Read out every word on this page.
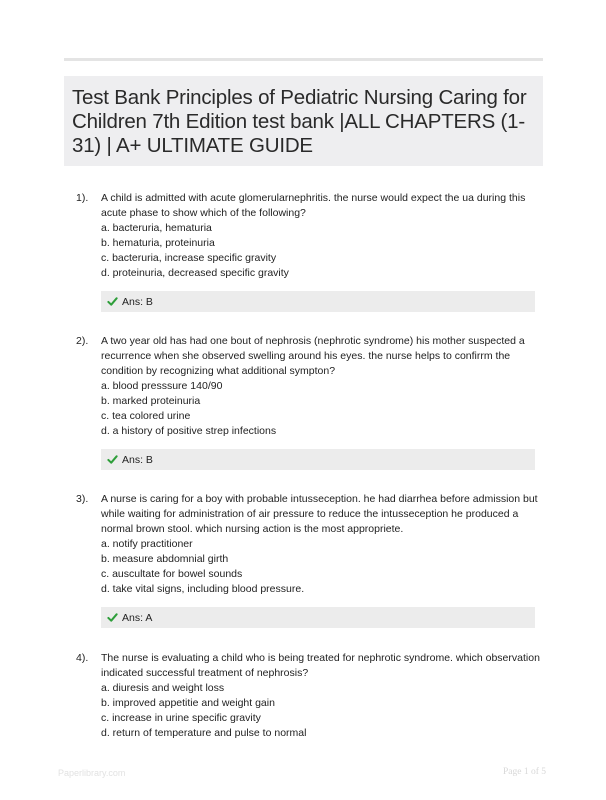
Test Bank Principles of Pediatric Nursing Caring for Children 7th Edition test bank |ALL CHAPTERS (1-31) | A+ ULTIMATE GUIDE
1). A child is admitted with acute glomerularnephritis. the nurse would expect the ua during this acute phase to show which of the following?

a. bacteruria, hematuria

b. hematuria, proteinuria

c. bacteruria, increase specific gravity

d. proteinuria, decreased specific gravity

Ans: B
2). A two year old has had one bout of nephrosis (nephrotic syndrome) his mother suspected a recurrence when she observed swelling around his eyes. the nurse helps to confirrm the condition by recognizing what additional sympton?

a. blood presssure 140/90

b. marked proteinuria

c. tea colored urine

d. a history of positive strep infections

Ans: B
3). A nurse is caring for a boy with probable intusseception. he had diarrhea before admission but while waiting for administration of air pressure to reduce the intusseception he produced a normal brown stool. which nursing action is the most appropriete.

a. notify practitioner

b. measure abdomnial girth

c. auscultate for bowel sounds

d. take vital signs, including blood pressure.

Ans: A
4). The nurse is evaluating a child who is being treated for nephrotic syndrome. which observation indicated successful treatment of nephrosis?

a. diuresis and weight loss

b. improved appetitie and weight gain

c. increase in urine specific gravity

d. return of temperature and pulse to normal

Paperlibrary.com	Page 1 of 5
